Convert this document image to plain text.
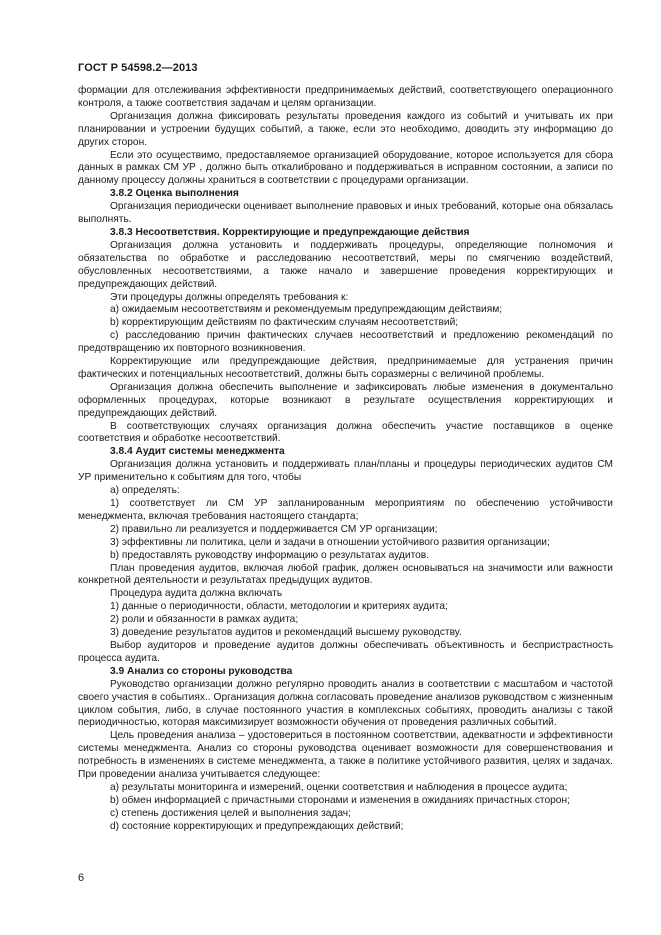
ГОСТ Р 54598.2—2013

формации для отслеживания эффективности предпринимаемых действий, соответствующего операционного контроля, а также соответствия задачам и целям организации.

Организация должна фиксировать результаты проведения каждого из событий и учитывать их при планировании и устроении будущих событий, а также, если это необходимо, доводить эту информацию до других сторон.

Если это осуществимо, предоставляемое организацией оборудование, которое используется для сбора данных в рамках СМ УР , должно быть откалибровано и поддерживаться в исправном состоянии, а записи по данному процессу должны храниться в соответствии с процедурами организации.

3.8.2 Оценка выполнения

Организация периодически оценивает выполнение правовых и иных требований, которые она обязалась выполнять.

3.8.3 Несоответствия. Корректирующие и предупреждающие действия

Организация должна установить и поддерживать процедуры, определяющие полномочия и обязательства по обработке и расследованию несоответствий, меры по смягчению воздействий, обусловленных несоответствиями, а также начало и завершение проведения корректирующих и предупреждающих действий.

Эти процедуры должны определять требования к:

а) ожидаемым несоответствиям и рекомендуемым предупреждающим действиям;

b) корректирующим действиям по фактическим случаям несоответствий;

с) расследованию причин фактических случаев несоответствий и предложению рекомендаций по предотвращению их повторного возникновения.

Корректирующие или предупреждающие действия, предпринимаемые для устранения причин фактических и потенциальных несоответствий, должны быть соразмерны с величиной проблемы.

Организация должна обеспечить выполнение и зафиксировать любые изменения в документально оформленных процедурах, которые возникают в результате осуществления корректирующих и предупреждающих действий.

В соответствующих случаях организация должна обеспечить участие поставщиков в оценке соответствия и обработке несоответствий.

3.8.4 Аудит системы менеджмента

Организация должна установить и поддерживать план/планы и процедуры периодических аудитов СМ УР применительно к событиям для того, чтобы

а) определять:

1) соответствует ли СМ УР запланированным мероприятиям по обеспечению устойчивости менеджмента, включая требования настоящего стандарта;

2) правильно ли реализуется и поддерживается СМ УР организации;

3) эффективны ли политика, цели и задачи в отношении устойчивого развития организации;

b) предоставлять руководству информацию о результатах аудитов.

План проведения аудитов, включая любой график, должен основываться на значимости или важности конкретной деятельности и результатах предыдущих аудитов.

Процедура аудита должна включать

1) данные о периодичности, области, методологии и критериях аудита;

2) роли и обязанности в рамках аудита;

3) доведение результатов аудитов и рекомендаций высшему руководству.

Выбор аудиторов и проведение аудитов должны обеспечивать объективность и беспристрастность процесса аудита.

3.9 Анализ со стороны руководства

Руководство организации должно регулярно проводить анализ в соответствии с масштабом и частотой своего участия в событиях.. Организация должна согласовать проведение анализов руководством с жизненным циклом события, либо, в случае постоянного участия в комплексных событиях, проводить анализы с такой периодичностью, которая максимизирует возможности обучения от проведения различных событий.

Цель проведения анализа – удостовериться в постоянном соответствии, адекватности и эффективности системы менеджмента. Анализ со стороны руководства оценивает возможности для совершенствования и потребность в изменениях в системе менеджмента, а также в политике устойчивого развития, целях и задачах. При проведении анализа учитывается следующее:

а) результаты мониторинга и измерений, оценки соответствия и наблюдения в процессе аудита;

b) обмен информацией с причастными сторонами и изменения в ожиданиях причастных сторон;

с) степень достижения целей и выполнения задач;

d) состояние корректирующих и предупреждающих действий;

6
